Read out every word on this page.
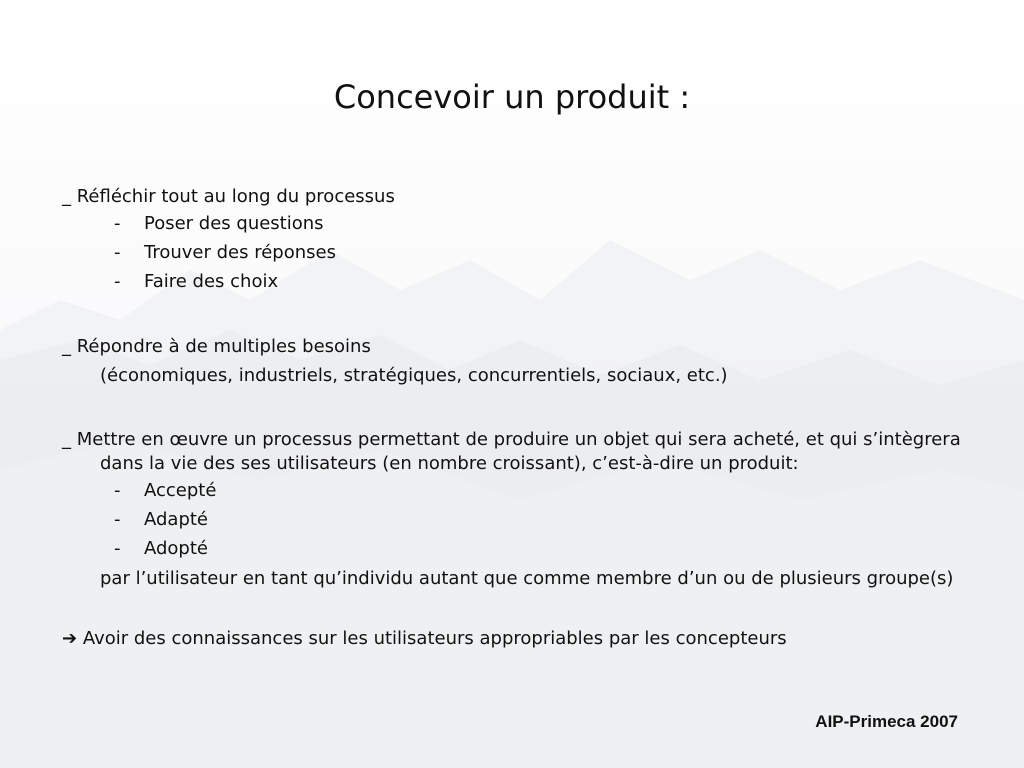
Concevoir un produit :
_ Réfléchir tout au long du processus
-	Poser des questions
-	Trouver des réponses
-	Faire des choix
_ Répondre à de multiples besoins
(économiques, industriels, stratégiques, concurrentiels, sociaux, etc.)
_ Mettre en œuvre un processus permettant de produire un objet qui sera acheté, et qui s’intègrera dans la vie des ses utilisateurs (en nombre croissant), c’est-à-dire un produit:
-	Accepté
-	Adapté
-	Adopté
par l’utilisateur en tant qu’individu autant que comme membre d’un ou de plusieurs groupe(s)
➔ Avoir des connaissances sur les utilisateurs appropriables par les concepteurs
AIP-Primeca 2007
